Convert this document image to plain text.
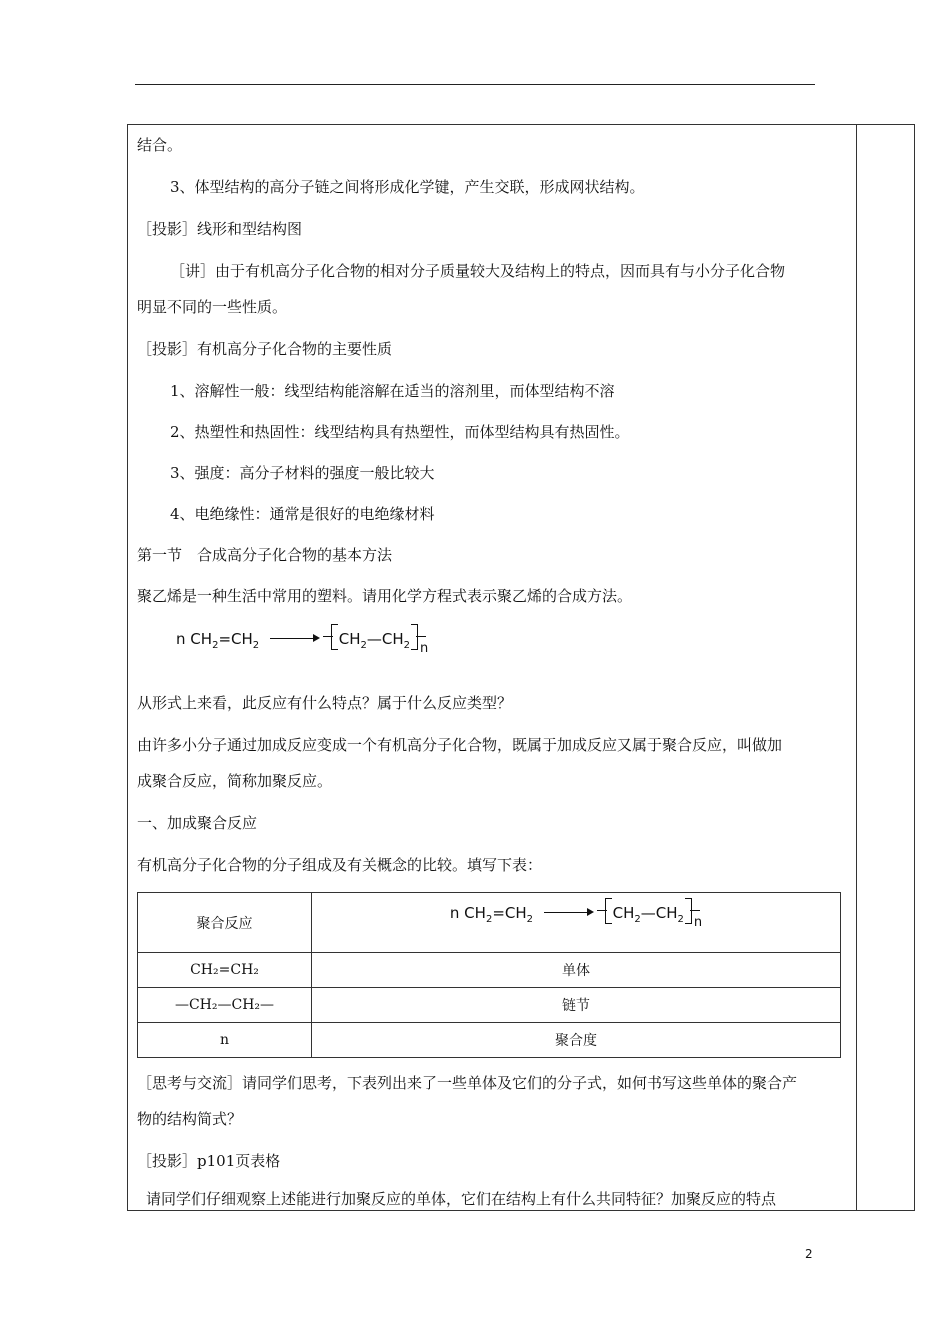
结合。
3、体型结构的高分子链之间将形成化学键，产生交联，形成网状结构。
［投影］线形和型结构图
［讲］由于有机高分子化合物的相对分子质量较大及结构上的特点，因而具有与小分子化合物
明显不同的一些性质。
［投影］有机高分子化合物的主要性质
1、溶解性一般：线型结构能溶解在适当的溶剂里，而体型结构不溶
2、热塑性和热固性：线型结构具有热塑性，而体型结构具有热固性。
3、强度：高分子材料的强度一般比较大
4、电绝缘性：通常是很好的电绝缘材料
第一节　合成高分子化合物的基本方法
聚乙烯是一种生活中常用的塑料。请用化学方程式表示聚乙烯的合成方法。
n $CH_2=CH_2$ → $CH_2—CH_2$ n
从形式上来看，此反应有什么特点？属于什么反应类型？
由许多小分子通过加成反应变成一个有机高分子化合物，既属于加成反应又属于聚合反应，叫做加
成聚合反应，简称加聚反应。
一、加成聚合反应
有机高分子化合物的分子组成及有关概念的比较。填写下表：
聚合反应	n $CH_2=CH_2$ $CH_2—CH_2$ n
CH₂=CH₂	单体
—CH₂—CH₂—	链节
n	聚合度
［思考与交流］请同学们思考，下表列出来了一些单体及它们的分子式，如何书写这些单体的聚合产
物的结构简式？
［投影］p101页表格
请同学们仔细观察上述能进行加聚反应的单体，它们在结构上有什么共同特征？加聚反应的特点
2
